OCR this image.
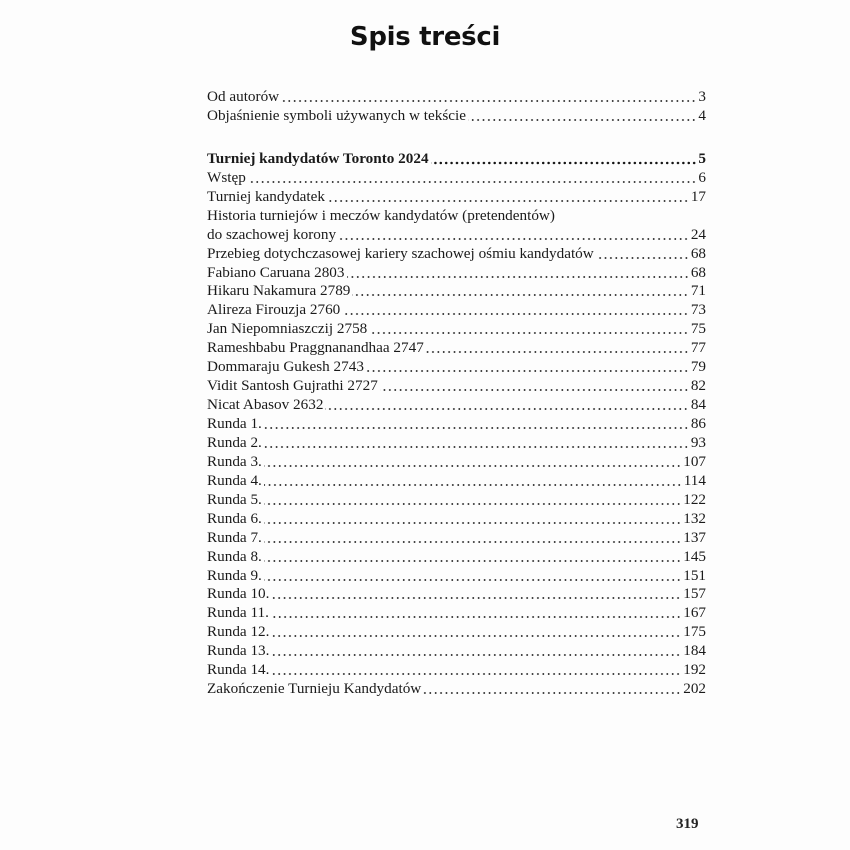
Spis treści
Od autorów	3
Objaśnienie symboli używanych w tekście	4
Turniej kandydatów Toronto 2024	5
Wstęp	6
Turniej kandydatek	17
Historia turniejów i meczów kandydatów (pretendentów)
do szachowej korony	24
Przebieg dotychczasowej kariery szachowej ośmiu kandydatów	68
Fabiano Caruana 2803	68
Hikaru Nakamura 2789	71
Alireza Firouzja 2760	73
Jan Niepomniaszczij 2758	75
Rameshbabu Praggnanandhaa 2747	77
Dommaraju Gukesh 2743	79
Vidit Santosh Gujrathi 2727	82
Nicat Abasov 2632	84
Runda 1.	86
Runda 2.	93
Runda 3.	107
Runda 4.	114
Runda 5.	122
Runda 6.	132
Runda 7.	137
Runda 8.	145
Runda 9.	151
Runda 10.	157
Runda 11.	167
Runda 12.	175
Runda 13.	184
Runda 14.	192
Zakończenie Turnieju Kandydatów	202
319
